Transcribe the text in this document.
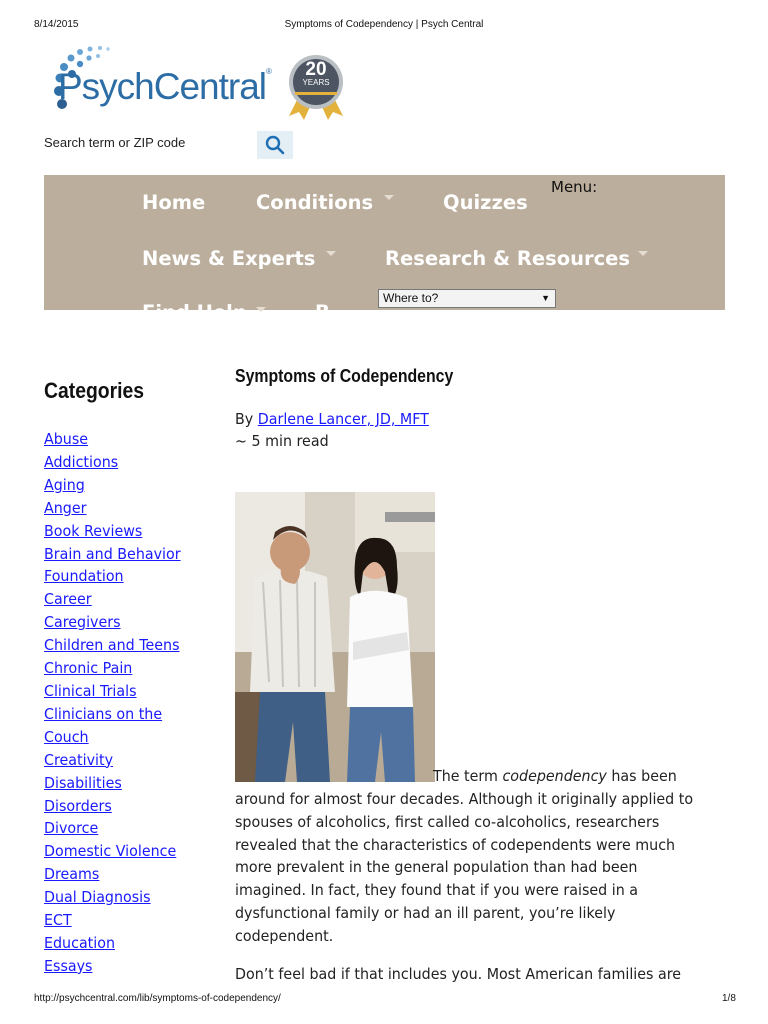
8/14/2015	Symptoms of Codependency | Psych Central
PsychCentral®	20
YEARS
Search term or ZIP code
Home	Conditions	Quizzes
Menu:
News & Experts	Research & Resources
Find Help	B...
Where to?	▼
Categories
Abuse
Addictions
Aging
Anger
Book Reviews
Brain and Behavior
Foundation
Career
Caregivers
Children and Teens
Chronic Pain
Clinical Trials
Clinicians on the
Couch
Creativity
Disabilities
Disorders
Divorce
Domestic Violence
Dreams
Dual Diagnosis
ECT
Education
Essays
Symptoms of Codependency
By Darlene Lancer, JD, MFT
~ 5 min read
The term codependency has been
around for almost four decades. Although it originally applied to
spouses of alcoholics, first called co-alcoholics, researchers
revealed that the characteristics of codependents were much
more prevalent in the general population than had been
imagined. In fact, they found that if you were raised in a
dysfunctional family or had an ill parent, you’re likely
codependent.
Don’t feel bad if that includes you. Most American families are
http://psychcentral.com/lib/symptoms-of-codependency/	1/8
